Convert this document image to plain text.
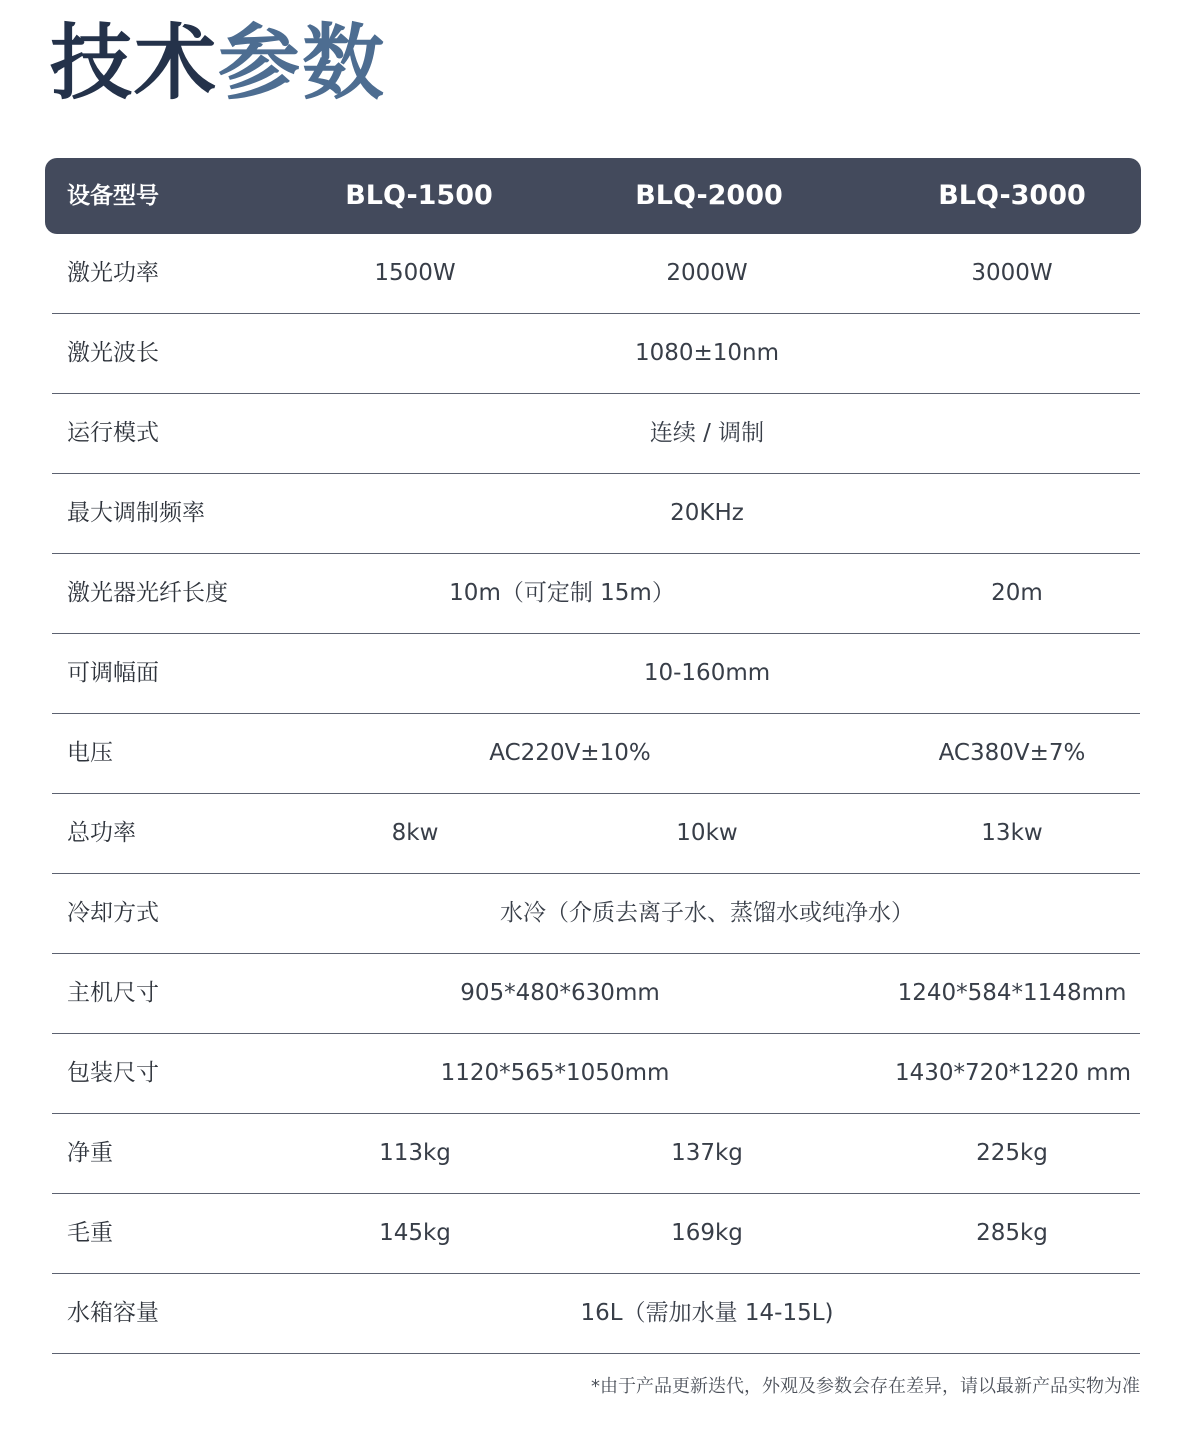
技术参数
设备型号	BLQ-1500	BLQ-2000	BLQ-3000
激光功率	1500W	2000W	3000W
激光波长	1080±10nm
运行模式	连续 / 调制
最大调制频率	20KHz
激光器光纤长度	10m（可定制 15m）	20m
可调幅面	10-160mm
电压	AC220V±10%	AC380V±7%
总功率	8kw	10kw	13kw
冷却方式	水冷（介质去离子水、蒸馏水或纯净水）
主机尺寸	905*480*630mm	1240*584*1148mm
包装尺寸	1120*565*1050mm	1430*720*1220 mm
净重	113kg	137kg	225kg
毛重	145kg	169kg	285kg
水箱容量	16L（需加水量 14-15L)
*由于产品更新迭代，外观及参数会存在差异，请以最新产品实物为准
